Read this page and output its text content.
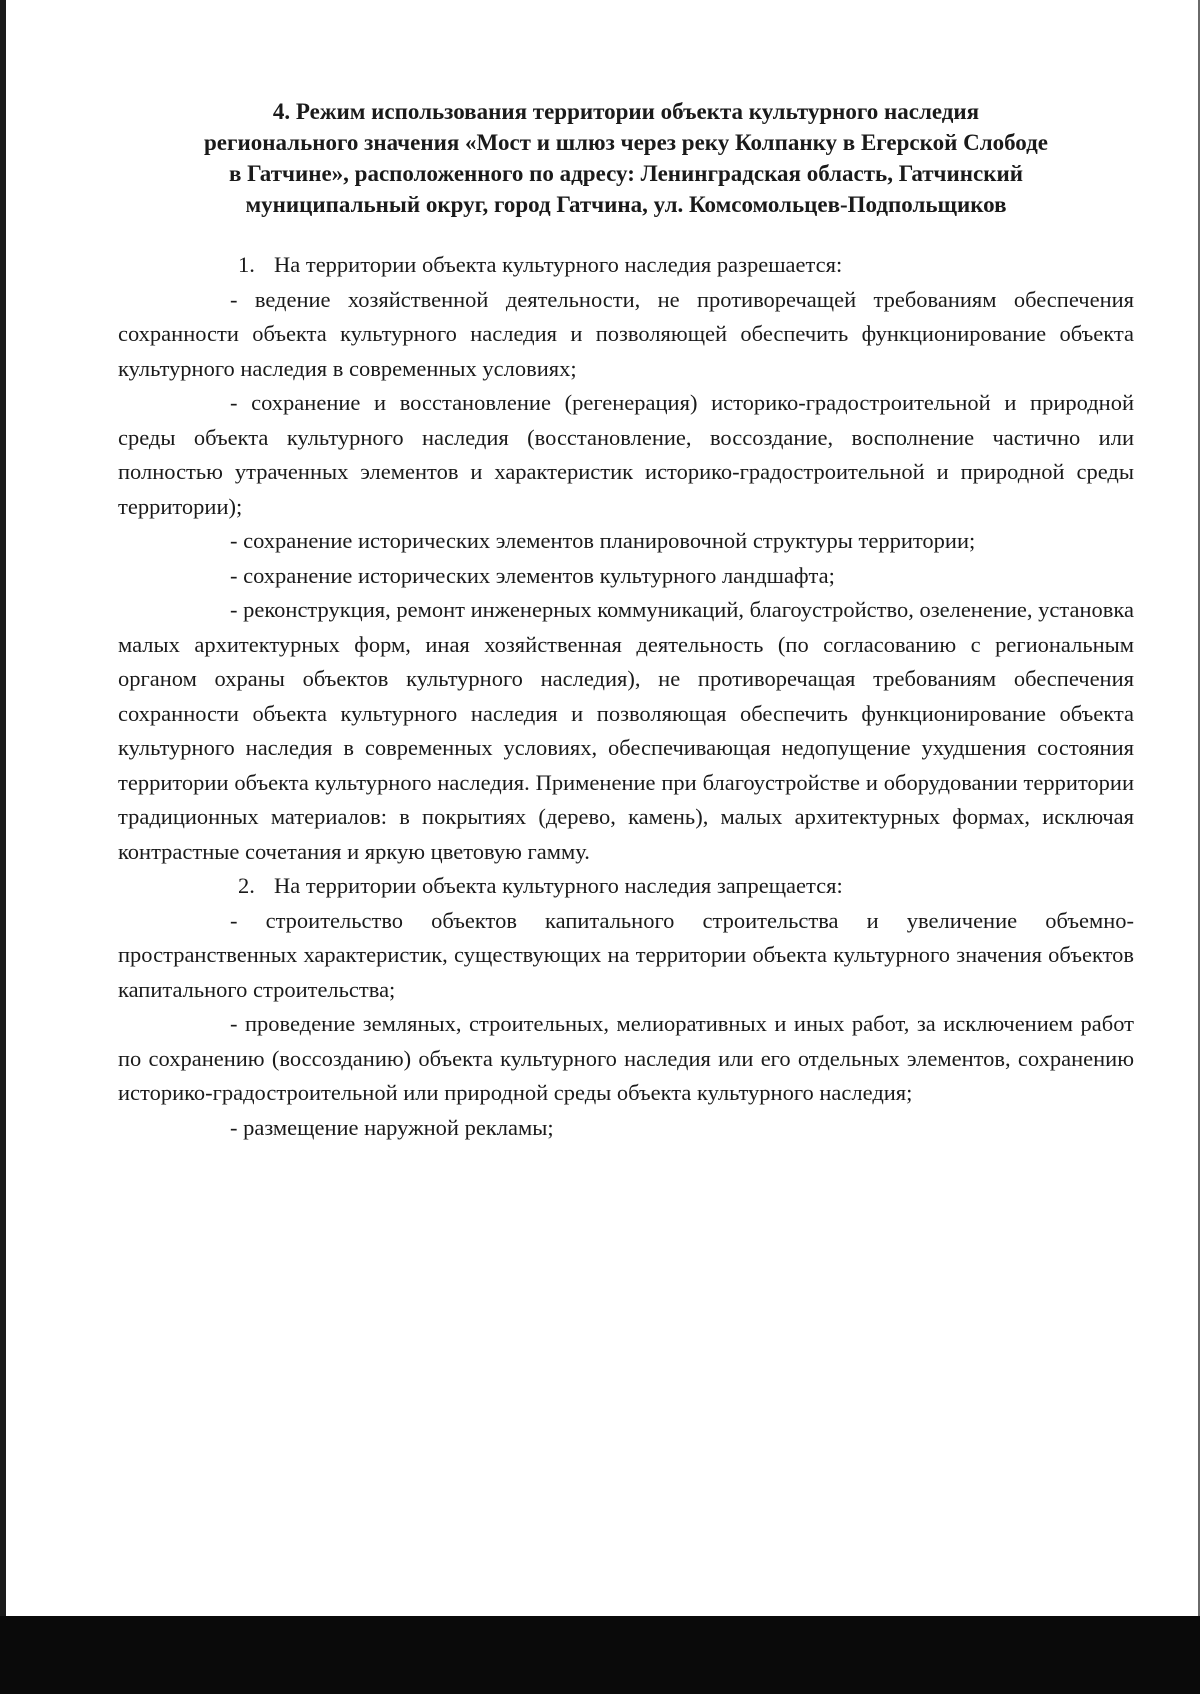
4. Режим использования территории объекта культурного наследия
регионального значения «Мост и шлюз через реку Колпанку в Егерской Слободе
в Гатчине», расположенного по адресу: Ленинградская область, Гатчинский
муниципальный округ, город Гатчина, ул. Комсомольцев-Подпольщиков

1. На территории объекта культурного наследия разрешается:

- ведение хозяйственной деятельности, не противоречащей требованиям обеспечения сохранности объекта культурного наследия и позволяющей обеспечить функционирование объекта культурного наследия в современных условиях;

- сохранение и восстановление (регенерация) историко-градостроительной и природной среды объекта культурного наследия (восстановление, воссоздание, восполнение частично или полностью утраченных элементов и характеристик историко-градостроительной и природной среды территории);

- сохранение исторических элементов планировочной структуры территории;

- сохранение исторических элементов культурного ландшафта;

- реконструкция, ремонт инженерных коммуникаций, благоустройство, озеленение, установка малых архитектурных форм, иная хозяйственная деятельность (по согласованию с региональным органом охраны объектов культурного наследия), не противоречащая требованиям обеспечения сохранности объекта культурного наследия и позволяющая обеспечить функционирование объекта культурного наследия в современных условиях, обеспечивающая недопущение ухудшения состояния территории объекта культурного наследия. Применение при благоустройстве и оборудовании территории традиционных материалов: в покрытиях (дерево, камень), малых архитектурных формах, исключая контрастные сочетания и яркую цветовую гамму.

2. На территории объекта культурного наследия запрещается:

- строительство объектов капитального строительства и увеличение объемно-пространственных характеристик, существующих на территории объекта культурного значения объектов капитального строительства;

- проведение земляных, строительных, мелиоративных и иных работ, за исключением работ по сохранению (воссозданию) объекта культурного наследия или его отдельных элементов, сохранению историко-градостроительной или природной среды объекта культурного наследия;

- размещение наружной рекламы;
